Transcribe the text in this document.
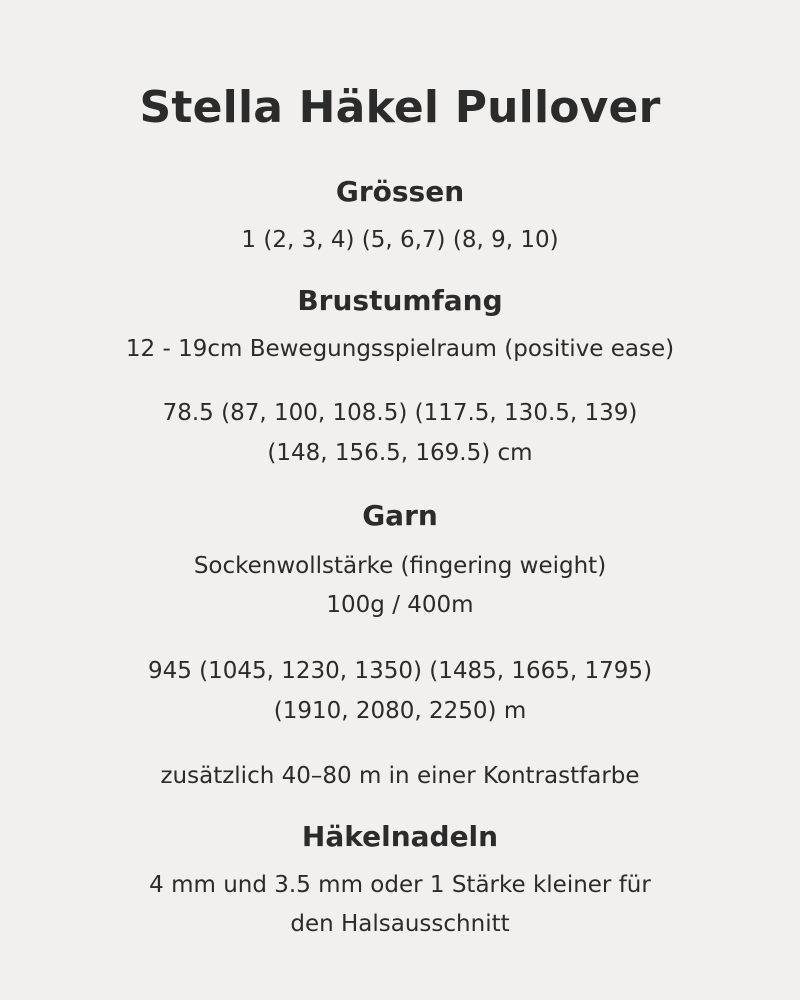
Stella Häkel Pullover
Grössen
1 (2, 3, 4) (5, 6,7) (8, 9, 10)
Brustumfang
12 - 19cm Bewegungsspielraum (positive ease)
78.5 (87, 100, 108.5) (117.5, 130.5, 139)
(148, 156.5, 169.5) cm
Garn
Sockenwollstärke (fingering weight)
100g / 400m
945 (1045, 1230, 1350) (1485, 1665, 1795)
(1910, 2080, 2250) m
zusätzlich 40–80 m in einer Kontrastfarbe
Häkelnadeln
4 mm und 3.5 mm oder 1 Stärke kleiner für
den Halsausschnitt
